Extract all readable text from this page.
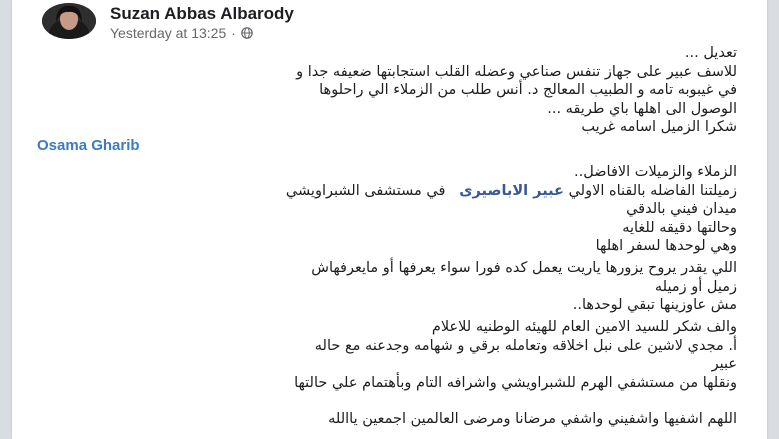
Suzan Abbas Albarody
Yesterday at 13:25 ·
تعديل ...
للاسف عبير على جهاز تنفس صناعي وعضله القلب استجابتها ضعيفه جدا و
في غيبوبه تامه و الطبيب المعالج د. أنس طلب من الزملاء الي راحلوها
الوصول الى اهلها باي طريقه ...
شكرا الزميل اسامه غريب
Osama Gharib
الزملاء والزميلات الافاضل..
زميلتنا الفاضله بالقناه الاولي عبير الاباصيرى   في مستشفى الشبراويشي
ميدان فيني بالدقي
وحالتها دقيقه للغايه
وهي لوحدها لسفر اهلها
اللي يقدر يروح يزورها ياريت يعمل كده فورا سواء يعرفها أو مايعرفهاش
زميل أو زميله
مش عاوزينها تبقي لوحدها..
والف شكر للسيد الامين العام للهيئه الوطنيه للاعلام
أ. مجدي لاشين على نبل اخلاقه وتعامله برقي و شهامه وجدعنه مع حاله
عبير
ونقلها من مستشفي الهرم للشبراويشي واشرافه التام وبأهتمام علي حالتها
اللهم اشفيها واشفيني واشفي مرضانا ومرضى العالمين اجمعين ياالله
